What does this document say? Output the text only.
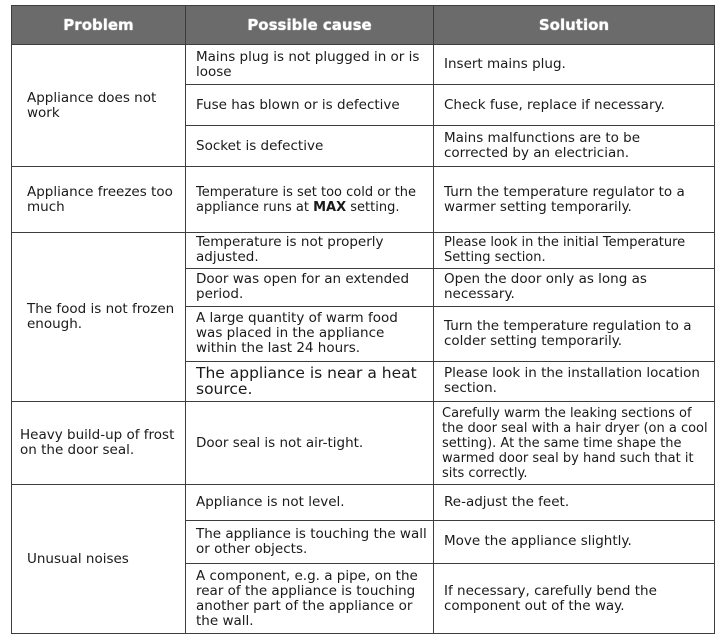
Problem	Possible cause	Solution
Appliance does not work	Mains plug is not plugged in or is loose	Insert mains plug.
	Fuse has blown or is defective	Check fuse, replace if necessary.
	Socket is defective	Mains malfunctions are to be corrected by an electrician.
Appliance freezes too much	Temperature is set too cold or the appliance runs at MAX setting.	Turn the temperature regulator to a warmer setting temporarily.
The food is not frozen enough.	Temperature is not properly adjusted.	Please look in the initial Temperature Setting section.
	Door was open for an extended period.	Open the door only as long as necessary.
	A large quantity of warm food was placed in the appliance within the last 24 hours.	Turn the temperature regulation to a colder setting temporarily.
	The appliance is near a heat source.	Please look in the installation location section.
Heavy build-up of frost on the door seal.	Door seal is not air-tight.	Carefully warm the leaking sections of the door seal with a hair dryer (on a cool setting). At the same time shape the warmed door seal by hand such that it sits correctly.
Unusual noises	Appliance is not level.	Re-adjust the feet.
	The appliance is touching the wall or other objects.	Move the appliance slightly.
	A component, e.g. a pipe, on the rear of the appliance is touching another part of the appliance or the wall.	If necessary, carefully bend the component out of the way.
